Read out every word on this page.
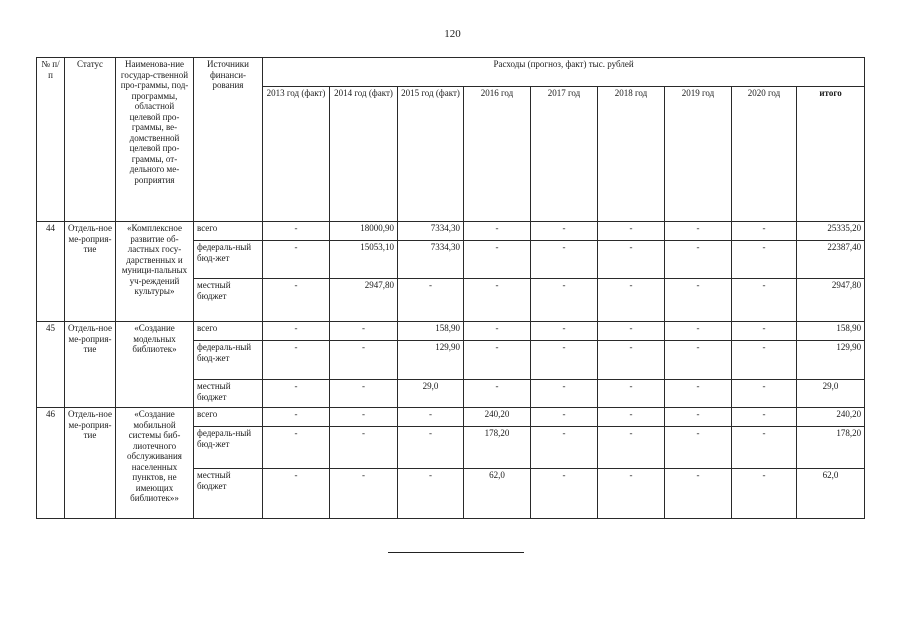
120
№ п/п	Статус	Наименова-ние государ-ственной про-граммы, под-программы, областной целевой про-граммы, ве-домственной целевой про-граммы, от-дельного ме-роприятия	Источники финанси-рования	Расходы (прогноз, факт) тыс. рублей								
				2013 год (факт)	2014 год (факт)	2015 год (факт)	2016 год	2017 год	2018 год	2019 год	2020 год	итого
44	Отдель-ное ме-роприя-тие	«Комплексное развитие об-ластных госу-дарственных и муници-пальных уч-реждений культуры»	всего	-	18000,90	7334,30	-	-	-	-	-	25335,20
			федераль-ный бюд-жет	-	15053,10	7334,30	-	-	-	-	-	22387,40
			местный бюджет	-	2947,80	-	-	-	-	-	-	2947,80
45	Отдель-ное ме-роприя-тие	«Создание модельных библиотек»	всего	-	-	158,90	-	-	-	-	-	158,90
			федераль-ный бюд-жет	-	-	129,90	-	-	-	-	-	129,90
			местный бюджет	-	-	29,0	-	-	-	-	-	29,0
46	Отдель-ное ме-роприя-тие	«Создание мобильной системы биб-лиотечного обслуживания населенных пунктов, не имеющих библиотек»»	всего	-	-	-	240,20	-	-	-	-	240,20
			федераль-ный бюд-жет	-	-	-	178,20	-	-	-	-	178,20
			местный бюджет	-	-	-	62,0	-	-	-	-	62,0
